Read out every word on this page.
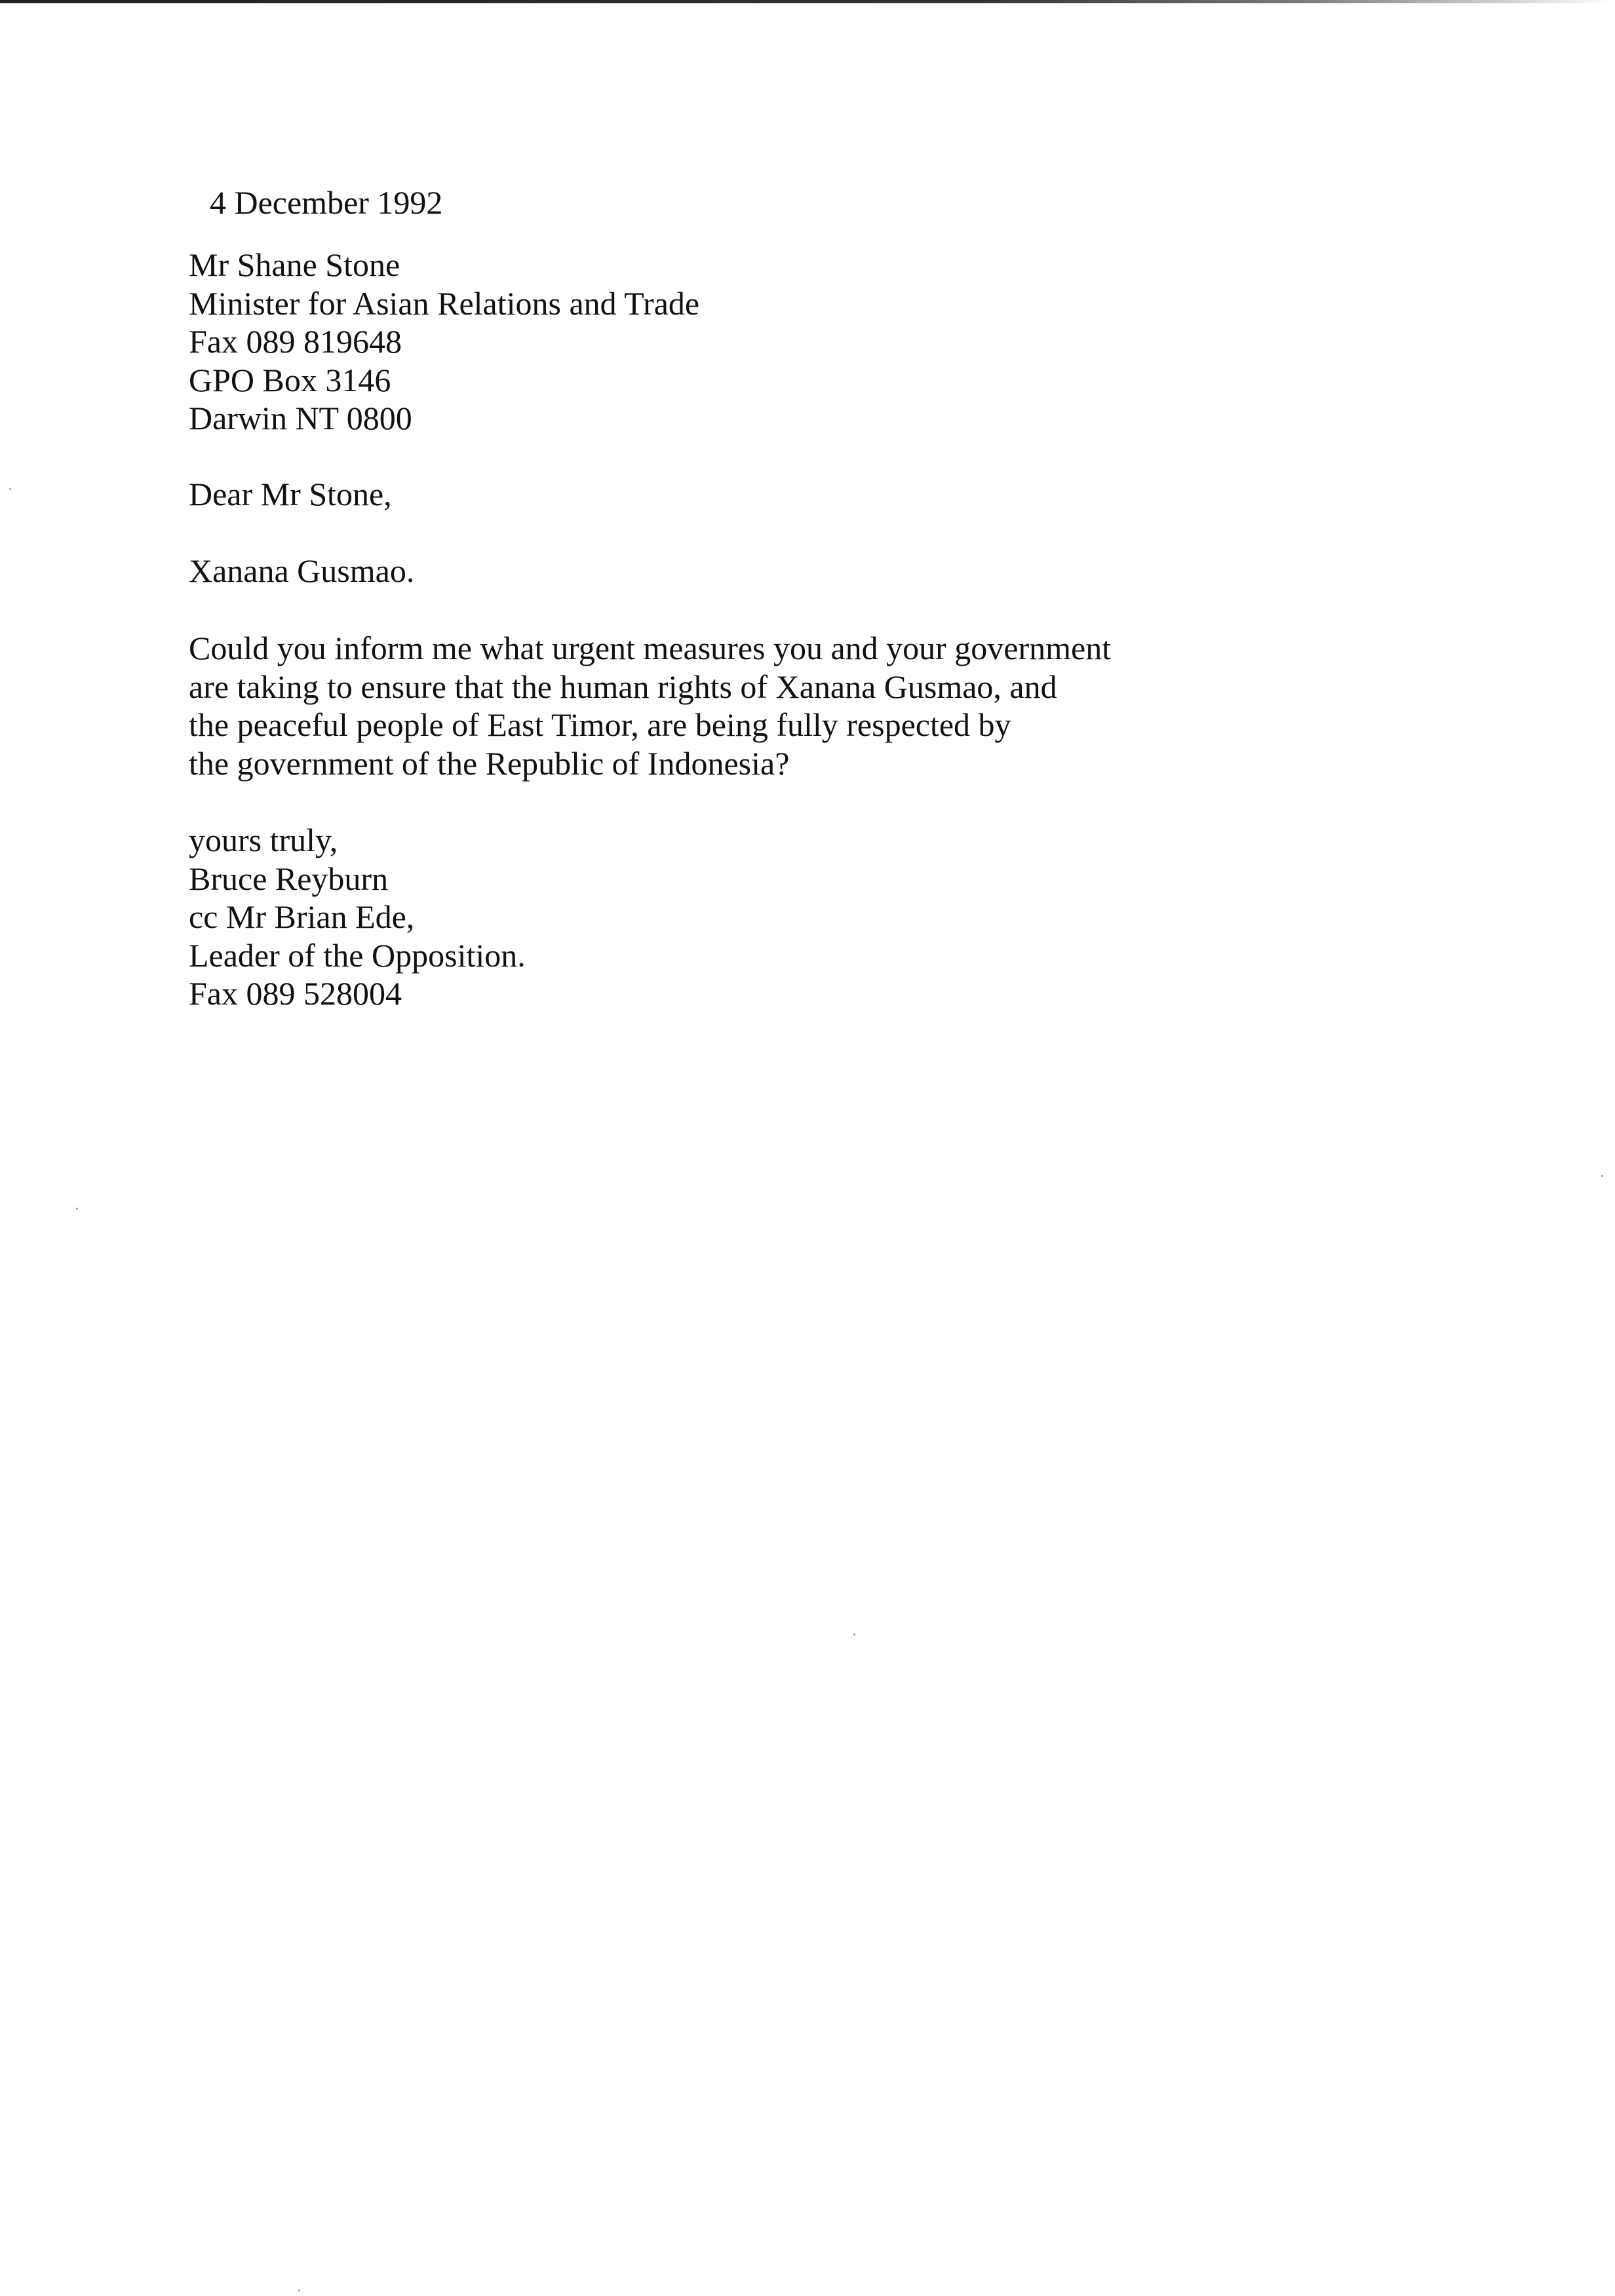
4 December 1992
Mr Shane Stone
Minister for Asian Relations and Trade
Fax 089 819648
GPO Box 3146
Darwin NT 0800
Dear Mr Stone,
Xanana Gusmao.
Could you inform me what urgent measures you and your government
are taking to ensure that the human rights of Xanana Gusmao, and
the peaceful people of East Timor, are being fully respected by
the government of the Republic of Indonesia?
yours truly,
Bruce Reyburn
cc Mr Brian Ede,
Leader of the Opposition.
Fax 089 528004
